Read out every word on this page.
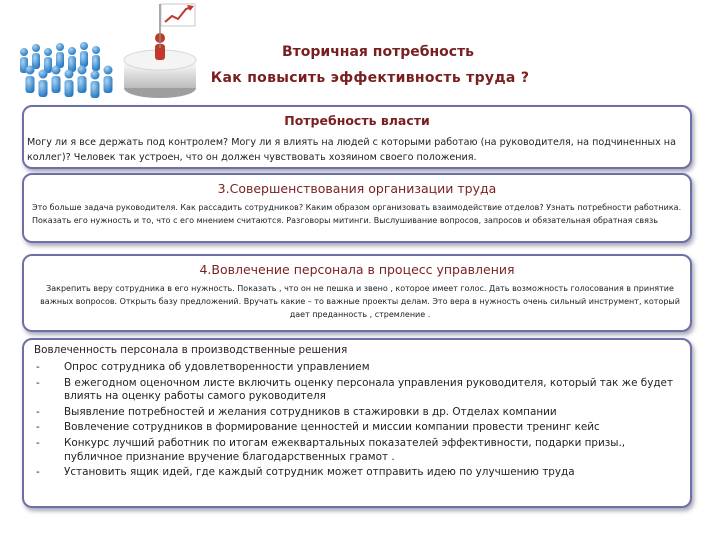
Вторичная потребность
Как повысить эффективность труда ?
Потребность власти
Могу ли я все держать под контролем? Могу ли я влиять на людей с которыми работаю (на руководителя, на подчиненных на коллег)? Человек так устроен, что он должен чувствовать хозяином своего положения.
3.Совершенствования организации труда
Это больше задача руководителя. Как рассадить сотрудников? Каким образом организовать взаимодействие отделов? Узнать потребности работника. Показать его нужность и то, что с его мнением считаются. Разговоры митинги. Выслушивание вопросов, запросов и обязательная обратная связь
4.Вовлечение персонала в процесс управления
Закрепить веру сотрудника в его нужность. Показать , что он не пешка и звено , которое имеет голос. Дать возможность голосования в принятие важных вопросов. Открыть базу предложений. Вручать какие – то важные проекты делам. Это вера в нужность очень сильный инструмент, который дает преданность , стремление .
Вовлеченность персонала в производственные решения
- Опрос сотрудника об удовлетворенности управлением
- В ежегодном оценочном листе включить оценку персонала управления руководителя, который так же будет влиять на оценку работы самого руководителя
- Выявление потребностей и желания сотрудников в стажировки в др. Отделах компании
- Вовлечение сотрудников в формирование ценностей и миссии компании провести тренинг кейс
- Конкурс лучший работник по итогам ежеквартальных показателей эффективности, подарки призы., публичное признание вручение благодарственных грамот .
- Установить ящик идей, где каждый сотрудник может отправить идею по улучшению труда
